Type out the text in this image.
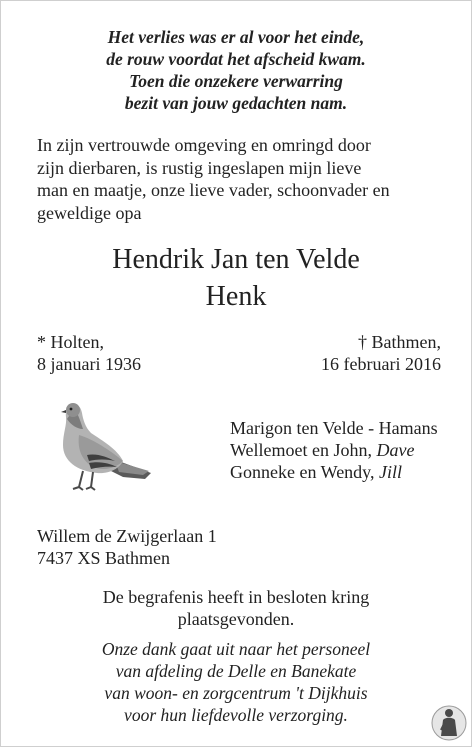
Het verlies was er al voor het einde,
de rouw voordat het afscheid kwam.
Toen die onzekere verwarring
bezit van jouw gedachten nam.
In zijn vertrouwde omgeving en omringd door
zijn dierbaren, is rustig ingeslapen mijn lieve
man en maatje, onze lieve vader, schoonvader en
geweldige opa
Hendrik Jan ten Velde
Henk
* Holten,
8 januari 1936
† Bathmen,
16 februari 2016
Marigon ten Velde - Hamans
Wellemoet en John, Dave
Gonneke en Wendy, Jill
Willem de Zwijgerlaan 1
7437 XS Bathmen
De begrafenis heeft in besloten kring
plaatsgevonden.
Onze dank gaat uit naar het personeel
van afdeling de Delle en Banekate
van woon- en zorgcentrum 't Dijkhuis
voor hun liefdevolle verzorging.
